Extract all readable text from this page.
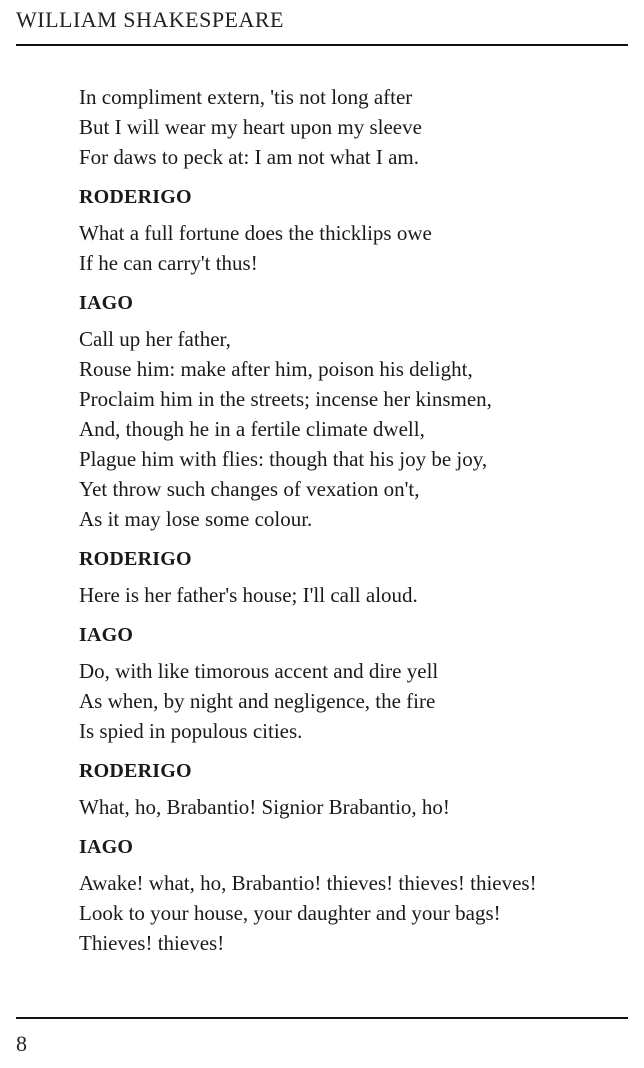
WILLIAM SHAKESPEARE
In compliment extern, 'tis not long after
But I will wear my heart upon my sleeve
For daws to peck at: I am not what I am.
RODERIGO
What a full fortune does the thicklips owe
If he can carry't thus!
IAGO
Call up her father,
Rouse him: make after him, poison his delight,
Proclaim him in the streets; incense her kinsmen,
And, though he in a fertile climate dwell,
Plague him with flies: though that his joy be joy,
Yet throw such changes of vexation on't,
As it may lose some colour.
RODERIGO
Here is her father's house; I'll call aloud.
IAGO
Do, with like timorous accent and dire yell
As when, by night and negligence, the fire
Is spied in populous cities.
RODERIGO
What, ho, Brabantio! Signior Brabantio, ho!
IAGO
Awake! what, ho, Brabantio! thieves! thieves! thieves!
Look to your house, your daughter and your bags!
Thieves! thieves!
8
